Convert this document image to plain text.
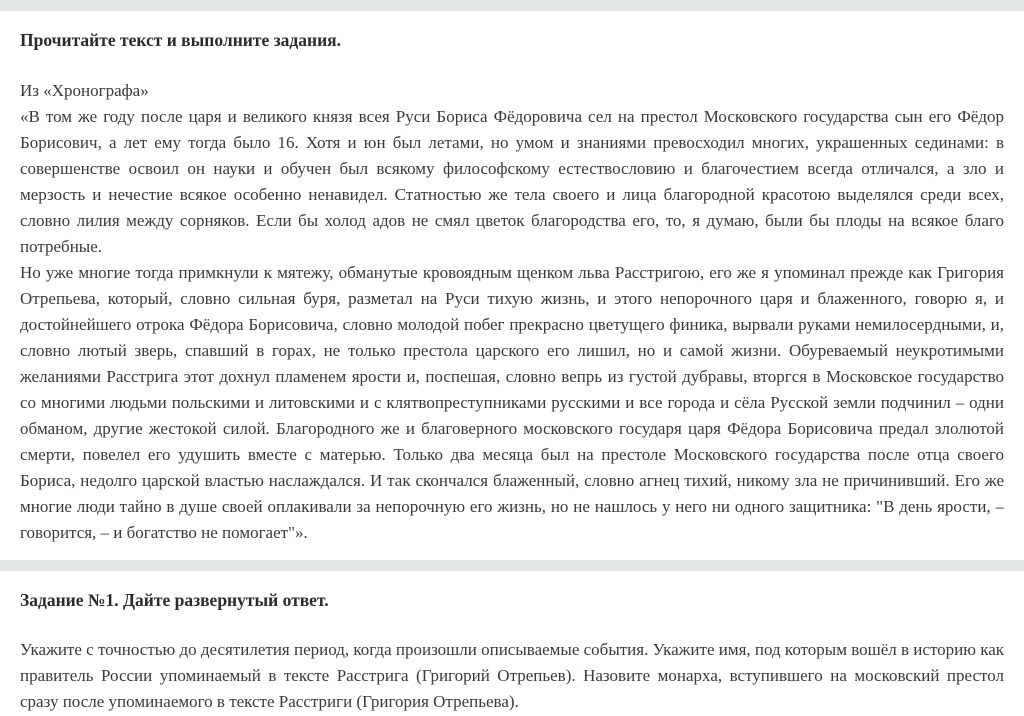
Прочитайте текст и выполните задания.
Из «Хронографа»
«В том же году после царя и великого князя всея Руси Бориса Фёдоровича сел на престол Московского государства сын его Фёдор Борисович, а лет ему тогда было 16. Хотя и юн был летами, но умом и знаниями превосходил многих, украшенных сединами: в совершенстве освоил он науки и обучен был всякому философскому естествословию и благочестием всегда отличался, а зло и мерзость и нечестие всякое особенно ненавидел. Статностью же тела своего и лица благородной красотою выделялся среди всех, словно лилия между сорняков. Если бы холод адов не смял цветок благородства его, то, я думаю, были бы плоды на всякое благо потребные.
Но уже многие тогда примкнули к мятежу, обманутые кровоядным щенком льва Расстригою, его же я упоминал прежде как Григория Отрепьева, который, словно сильная буря, разметал на Руси тихую жизнь, и этого непорочного царя и блаженного, говорю я, и достойнейшего отрока Фёдора Борисовича, словно молодой побег прекрасно цветущего финика, вырвали руками немилосердными, и, словно лютый зверь, спавший в горах, не только престола царского его лишил, но и самой жизни. Обуреваемый неукротимыми желаниями Расстрига этот дохнул пламенем ярости и, поспешая, словно вепрь из густой дубравы, вторгся в Московское государство со многими людьми польскими и литовскими и с клятвопреступниками русскими и все города и сёла Русской земли подчинил – одни обманом, другие жестокой силой. Благородного же и благоверного московского государя царя Фёдора Борисовича предал злолютой смерти, повелел его удушить вместе с матерью. Только два месяца был на престоле Московского государства после отца своего Бориса, недолго царской властью наслаждался. И так скончался блаженный, словно агнец тихий, никому зла не причинивший. Его же многие люди тайно в душе своей оплакивали за непорочную его жизнь, но не нашлось у него ни одного защитника: "В день ярости, – говорится, – и богатство не помогает"».
Задание №1. Дайте развернутый ответ.
Укажите с точностью до десятилетия период, когда произошли описываемые события. Укажите имя, под которым вошёл в историю как правитель России упоминаемый в тексте Расстрига (Григорий Отрепьев). Назовите монарха, вступившего на московский престол сразу после упоминаемого в тексте Расстриги (Григория Отрепьева).
